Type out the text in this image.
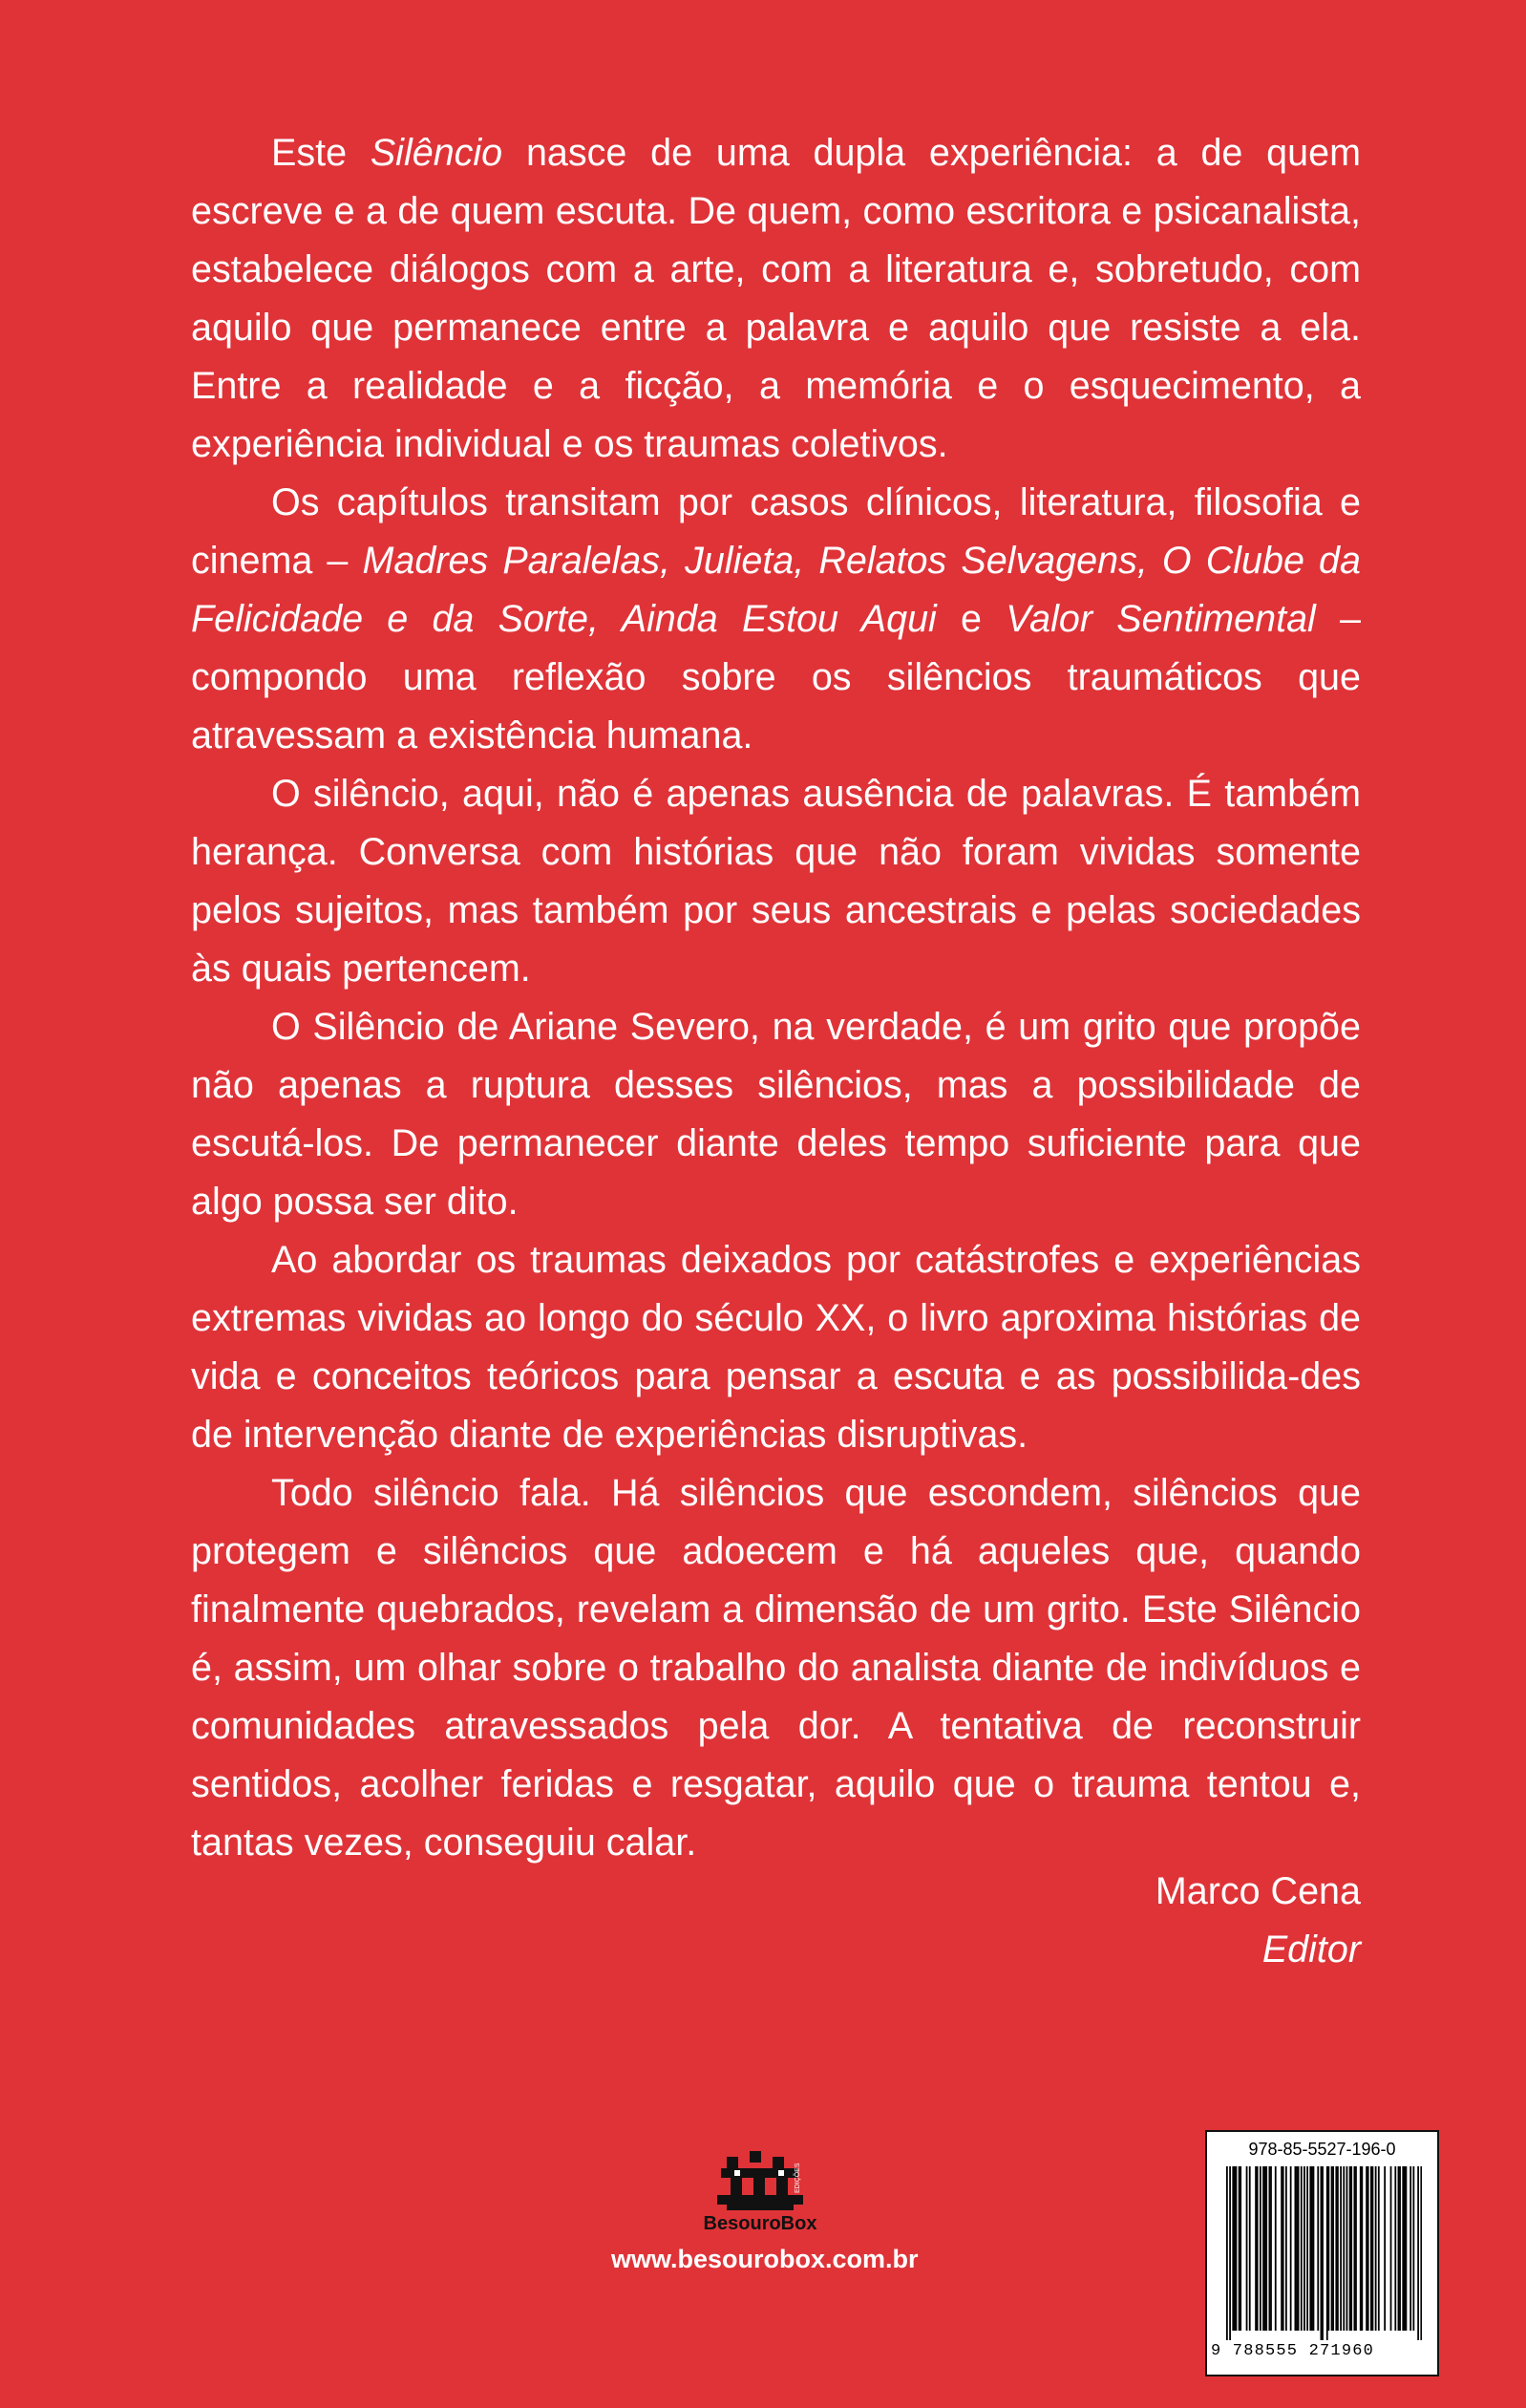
Este Silêncio nasce de uma dupla experiência: a de quem escreve e a de quem escuta. De quem, como escritora e psicanalista, estabelece diálogos com a arte, com a literatura e, sobretudo, com aquilo que permanece entre a palavra e aquilo que resiste a ela. Entre a realidade e a ficção, a memória e o esquecimento, a experiência individual e os traumas coletivos.

Os capítulos transitam por casos clínicos, literatura, filosofia e cinema – Madres Paralelas, Julieta, Relatos Selvagens, O Clube da Felicidade e da Sorte, Ainda Estou Aqui e Valor Sentimental – compondo uma reflexão sobre os silêncios traumáticos que atravessam a existência humana.

O silêncio, aqui, não é apenas ausência de palavras. É também herança. Conversa com histórias que não foram vividas somente pelos sujeitos, mas também por seus ancestrais e pelas sociedades às quais pertencem.

O Silêncio de Ariane Severo, na verdade, é um grito que propõe não apenas a ruptura desses silêncios, mas a possibilidade de escutá-los. De permanecer diante deles tempo suficiente para que algo possa ser dito.

Ao abordar os traumas deixados por catástrofes e experiências extremas vividas ao longo do século XX, o livro aproxima histórias de vida e conceitos teóricos para pensar a escuta e as possibilida-des de intervenção diante de experiências disruptivas.

Todo silêncio fala. Há silêncios que escondem, silêncios que protegem e silêncios que adoecem e há aqueles que, quando finalmente quebrados, revelam a dimensão de um grito. Este Silêncio é, assim, um olhar sobre o trabalho do analista diante de indivíduos e comunidades atravessados pela dor. A tentativa de reconstruir sentidos, acolher feridas e resgatar, aquilo que o trauma tentou e, tantas vezes, conseguiu calar.

Marco Cena
Editor
EDIÇÕES
BesouroBox
www.besourobox.com.br
978-85-5527-196-0
9 788555 271960
